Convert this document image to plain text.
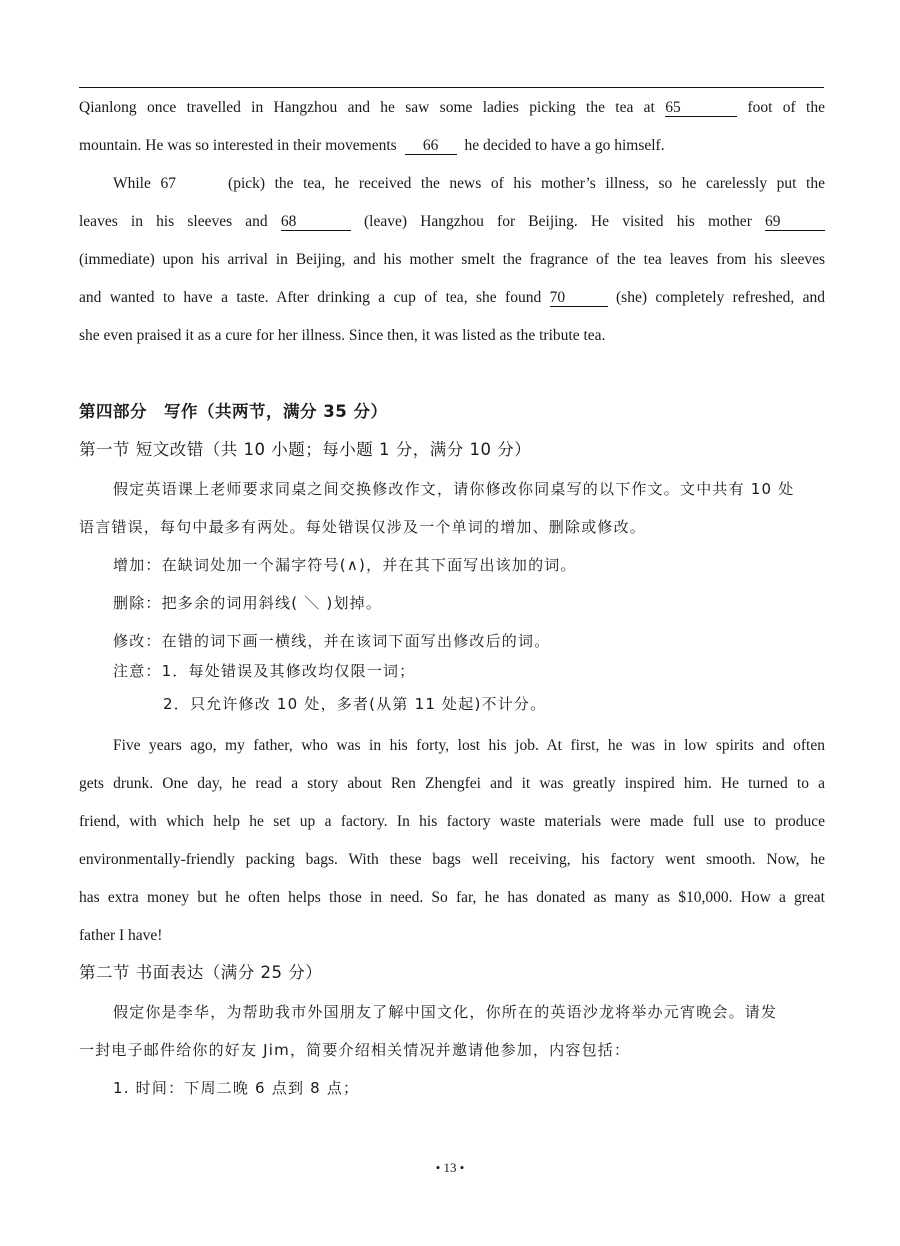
Qianlong once travelled in Hangzhou and he saw some ladies picking the tea at 65	foot of the
mountain. He was so interested in their movements 66 he decided to have a go himself.
While 67	(pick) the tea, he received the news of his mother’s illness, so he carelessly put the
leaves in his sleeves and 68	(leave) Hangzhou for Beijing. He visited his mother 69
(immediate) upon his arrival in Beijing, and his mother smelt the fragrance of the tea leaves from his sleeves
and wanted to have a taste. After drinking a cup of tea, she found 70	(she) completely refreshed, and
she even praised it as a cure for her illness. Since then, it was listed as the tribute tea.
第四部分　写作（共两节，满分 35 分）
第一节 短文改错（共 10 小题；每小题 1 分，满分 10 分）
假定英语课上老师要求同桌之间交换修改作文，请你修改你同桌写的以下作文。文中共有 10 处
语言错误，每句中最多有两处。每处错误仅涉及一个单词的增加、删除或修改。
增加：在缺词处加一个漏字符号(∧)，并在其下面写出该加的词。
删除：把多余的词用斜线( ＼ )划掉。
修改：在错的词下画一横线，并在该词下面写出修改后的词。
注意：1．每处错误及其修改均仅限一词；
2．只允许修改 10 处，多者(从第 11 处起)不计分。
Five years ago, my father, who was in his forty, lost his job. At first, he was in low spirits and often
gets drunk. One day, he read a story about Ren Zhengfei and it was greatly inspired him. He turned to a
friend, with which help he set up a factory. In his factory waste materials were made full use to produce
environmentally-friendly packing bags. With these bags well receiving, his factory went smooth. Now, he
has extra money but he often helps those in need. So far, he has donated as many as $10,000. How a great
father I have!
第二节 书面表达（满分 25 分）
假定你是李华，为帮助我市外国朋友了解中国文化，你所在的英语沙龙将举办元宵晚会。请发
一封电子邮件给你的好友 Jim，简要介绍相关情况并邀请他参加，内容包括：
1. 时间：下周二晚 6 点到 8 点；
• 13 •
